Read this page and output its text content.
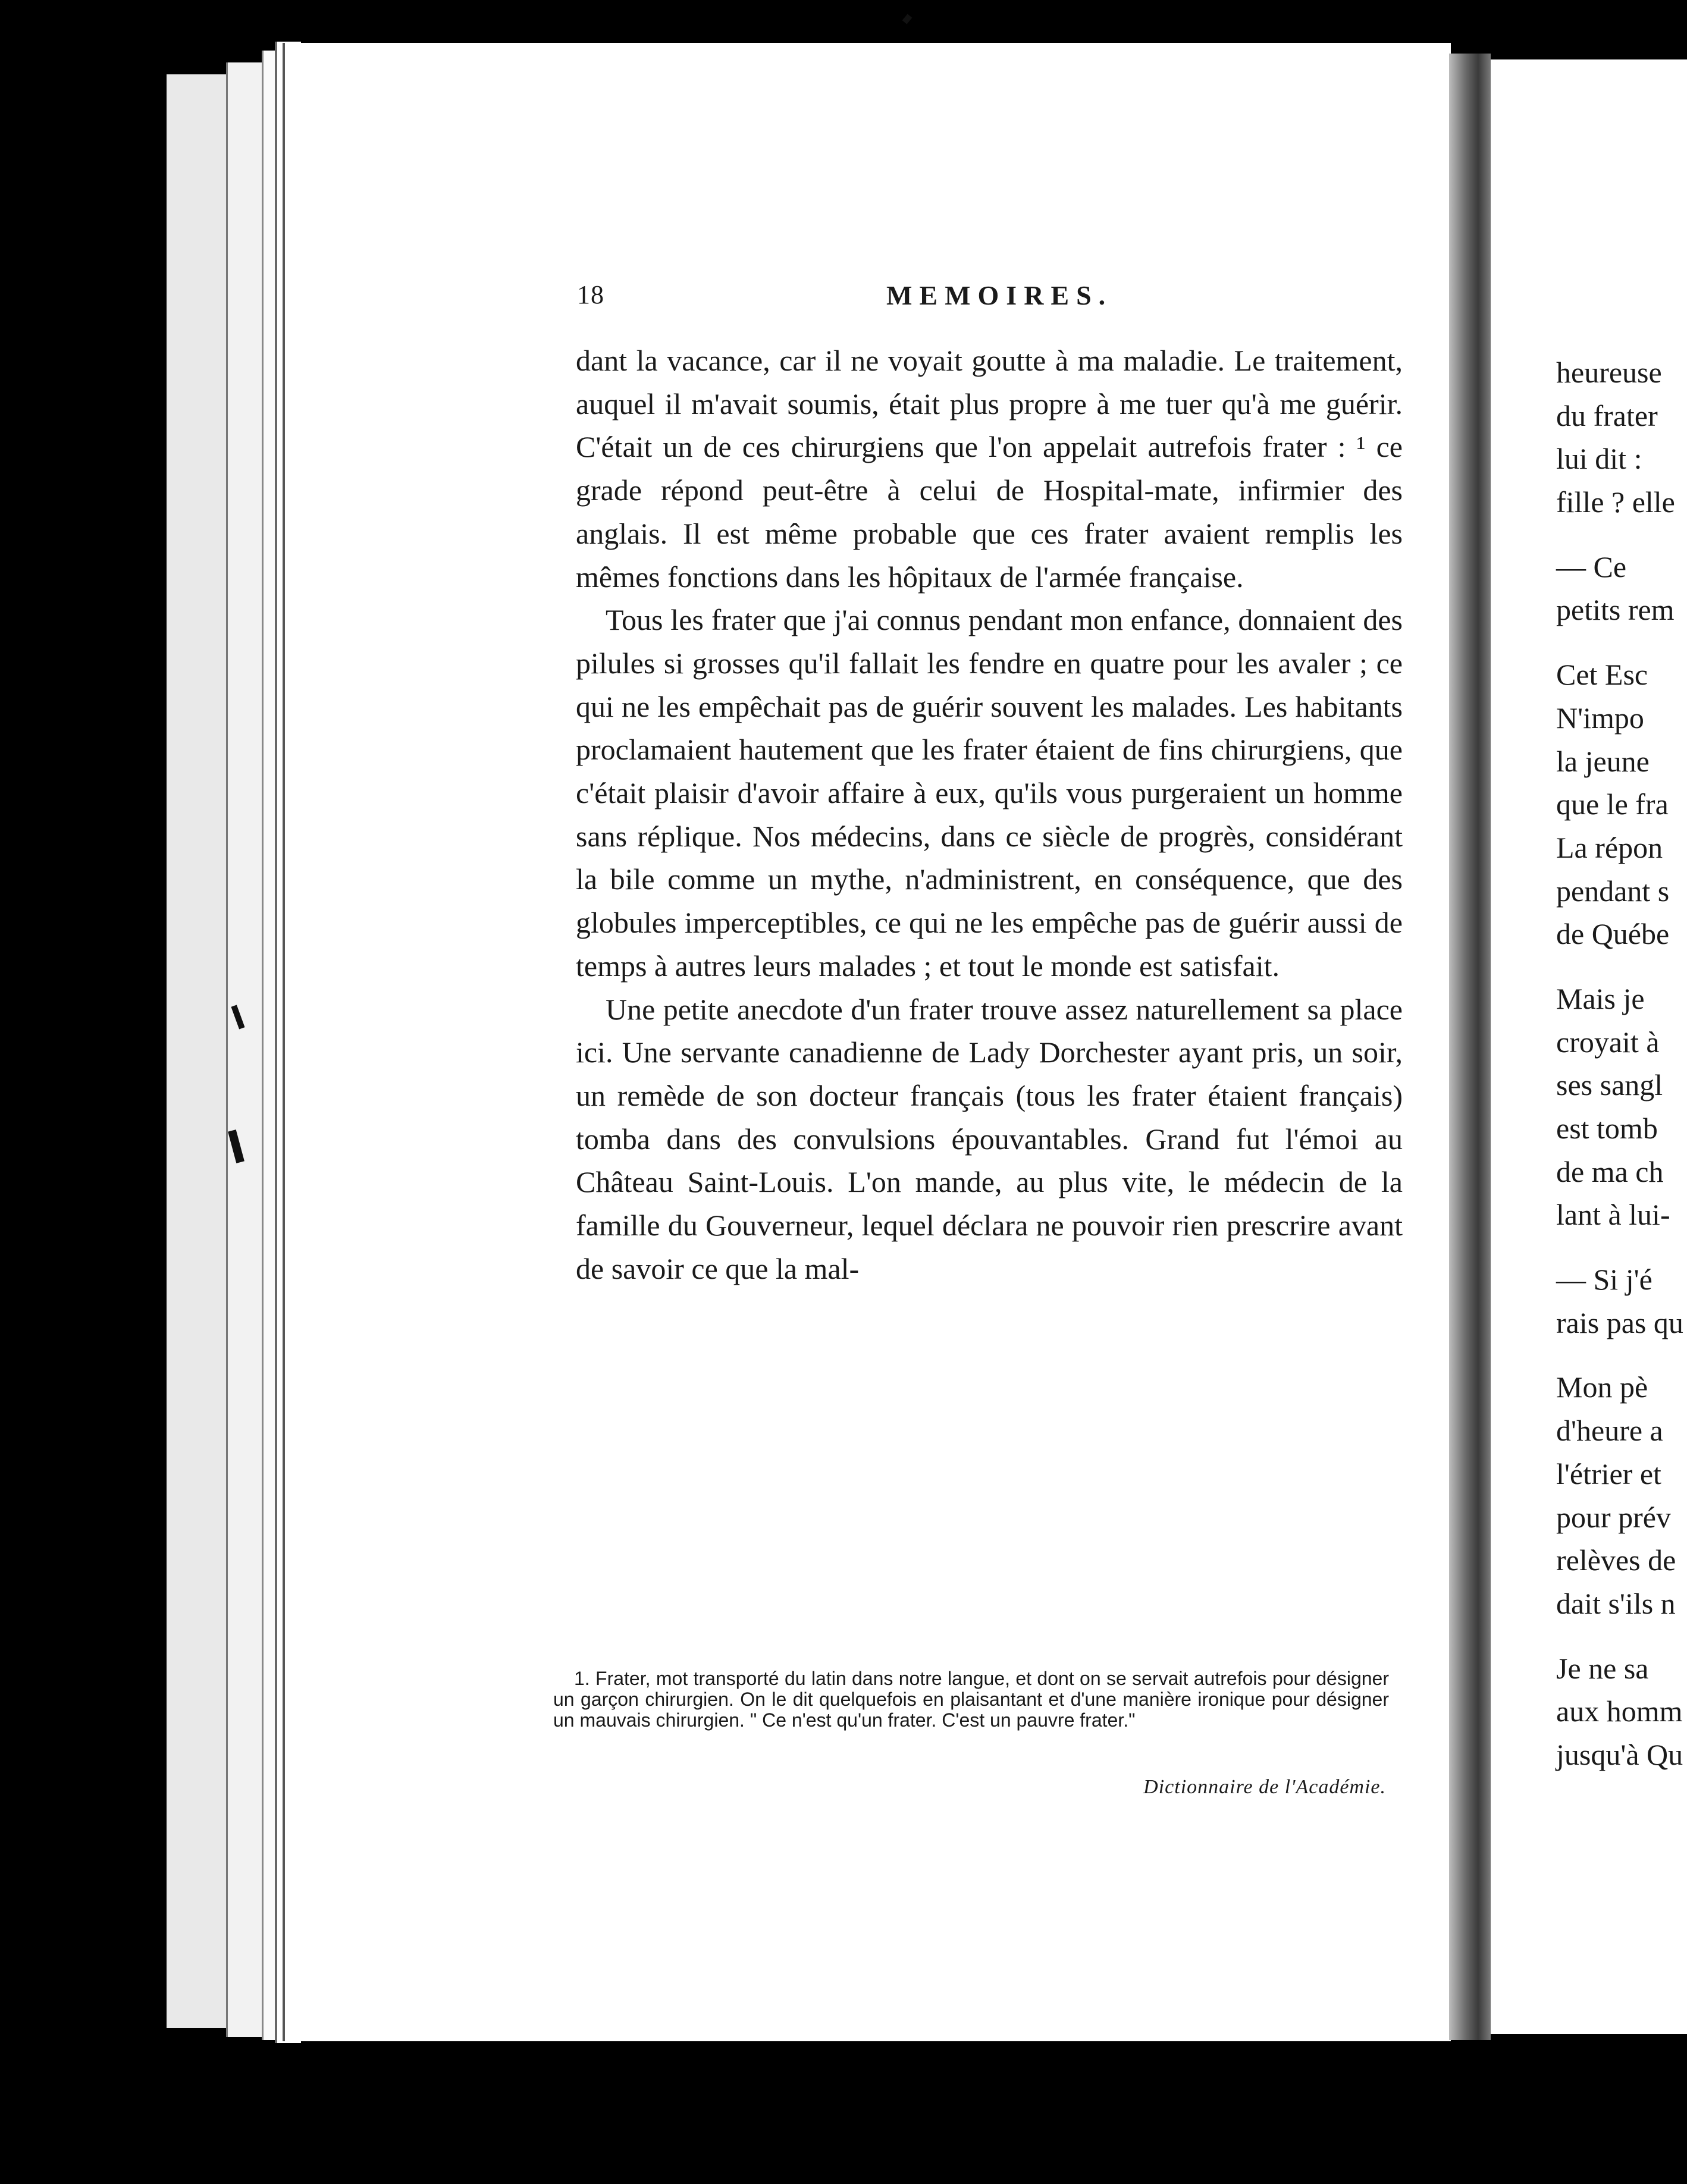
18	MEMOIRES.

dant la vacance, car il ne voyait goutte à ma maladie. Le traitement, auquel il m'avait soumis, était plus propre à me tuer qu'à me guérir. C'était un de ces chirurgiens que l'on appelait autrefois frater : ¹ ce grade répond peut-être à celui de Hospital-mate, infirmier des anglais. Il est même probable que ces frater avaient remplis les mêmes fonctions dans les hôpitaux de l'armée française.

Tous les frater que j'ai connus pendant mon enfance, donnaient des pilules si grosses qu'il fallait les fendre en quatre pour les avaler ; ce qui ne les empêchait pas de guérir souvent les malades. Les habitants proclamaient hautement que les frater étaient de fins chirurgiens, que c'était plaisir d'avoir affaire à eux, qu'ils vous purgeraient un homme sans réplique. Nos médecins, dans ce siècle de progrès, considérant la bile comme un mythe, n'administrent, en conséquence, que des globules imperceptibles, ce qui ne les empêche pas de guérir aussi de temps à autres leurs malades ; et tout le monde est satisfait.

Une petite anecdote d'un frater trouve assez naturellement sa place ici. Une servante canadienne de Lady Dorchester ayant pris, un soir, un remède de son docteur français (tous les frater étaient français) tomba dans des convulsions épouvantables. Grand fut l'émoi au Château Saint-Louis. L'on mande, au plus vite, le médecin de la famille du Gouverneur, lequel déclara ne pouvoir rien prescrire avant de savoir ce que la mal-

1. Frater, mot transporté du latin dans notre langue, et dont on se servait autrefois pour désigner un garçon chirurgien. On le dit quelquefois en plaisantant et d'une manière ironique pour désigner un mauvais chirurgien. " Ce n'est qu'un frater. C'est un pauvre frater."

Dictionnaire de l'Académie.
heureuse
du frater
lui dit :
fille ? elle
— Ce
petits rem
Cet Esc
N'impo
la jeune
que le fra
La répon
pendant s
de Québe
Mais je
croyait à
ses sangl
est tomb
de ma ch
lant à lui-
— Si j'é
rais pas qu
Mon pè
d'heure a
l'étrier et
pour prév
relèves de
dait s'ils n
Je ne sa
aux homm
jusqu'à Qu
